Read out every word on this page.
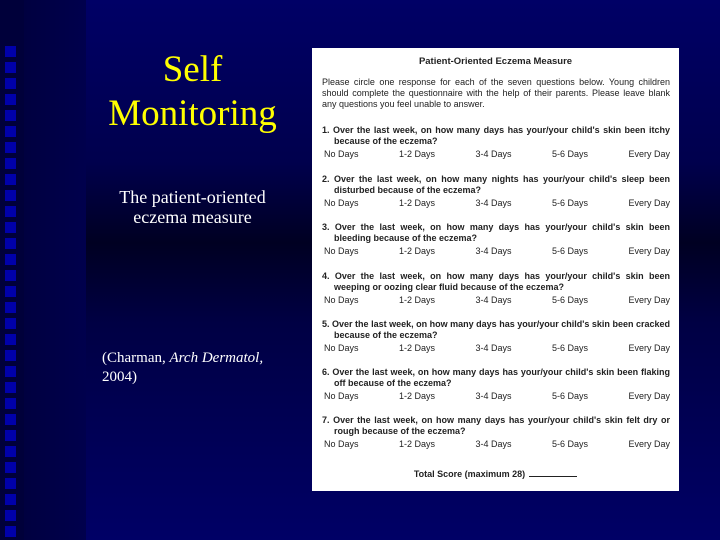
Self
Monitoring
The patient-oriented eczema measure
(Charman, Arch Dermatol,
2004)
Patient-Oriented Eczema Measure
Please circle one response for each of the seven questions below. Young children should complete the questionnaire with the help of their parents. Please leave blank any questions you feel unable to answer.
1. Over the last week, on how many days has your/your child's skin been itchy because of the eczema?
No Days	1-2 Days	3-4 Days	5-6 Days	Every Day
2. Over the last week, on how many nights has your/your child's sleep been disturbed because of the eczema?
No Days	1-2 Days	3-4 Days	5-6 Days	Every Day
3. Over the last week, on how many days has your/your child's skin been bleeding because of the eczema?
No Days	1-2 Days	3-4 Days	5-6 Days	Every Day
4. Over the last week, on how many days has your/your child's skin been weeping or oozing clear fluid because of the eczema?
No Days	1-2 Days	3-4 Days	5-6 Days	Every Day
5. Over the last week, on how many days has your/your child's skin been cracked because of the eczema?
No Days	1-2 Days	3-4 Days	5-6 Days	Every Day
6. Over the last week, on how many days has your/your child's skin been flaking off because of the eczema?
No Days	1-2 Days	3-4 Days	5-6 Days	Every Day
7. Over the last week, on how many days has your/your child's skin felt dry or rough because of the eczema?
No Days	1-2 Days	3-4 Days	5-6 Days	Every Day
Total Score (maximum 28)
